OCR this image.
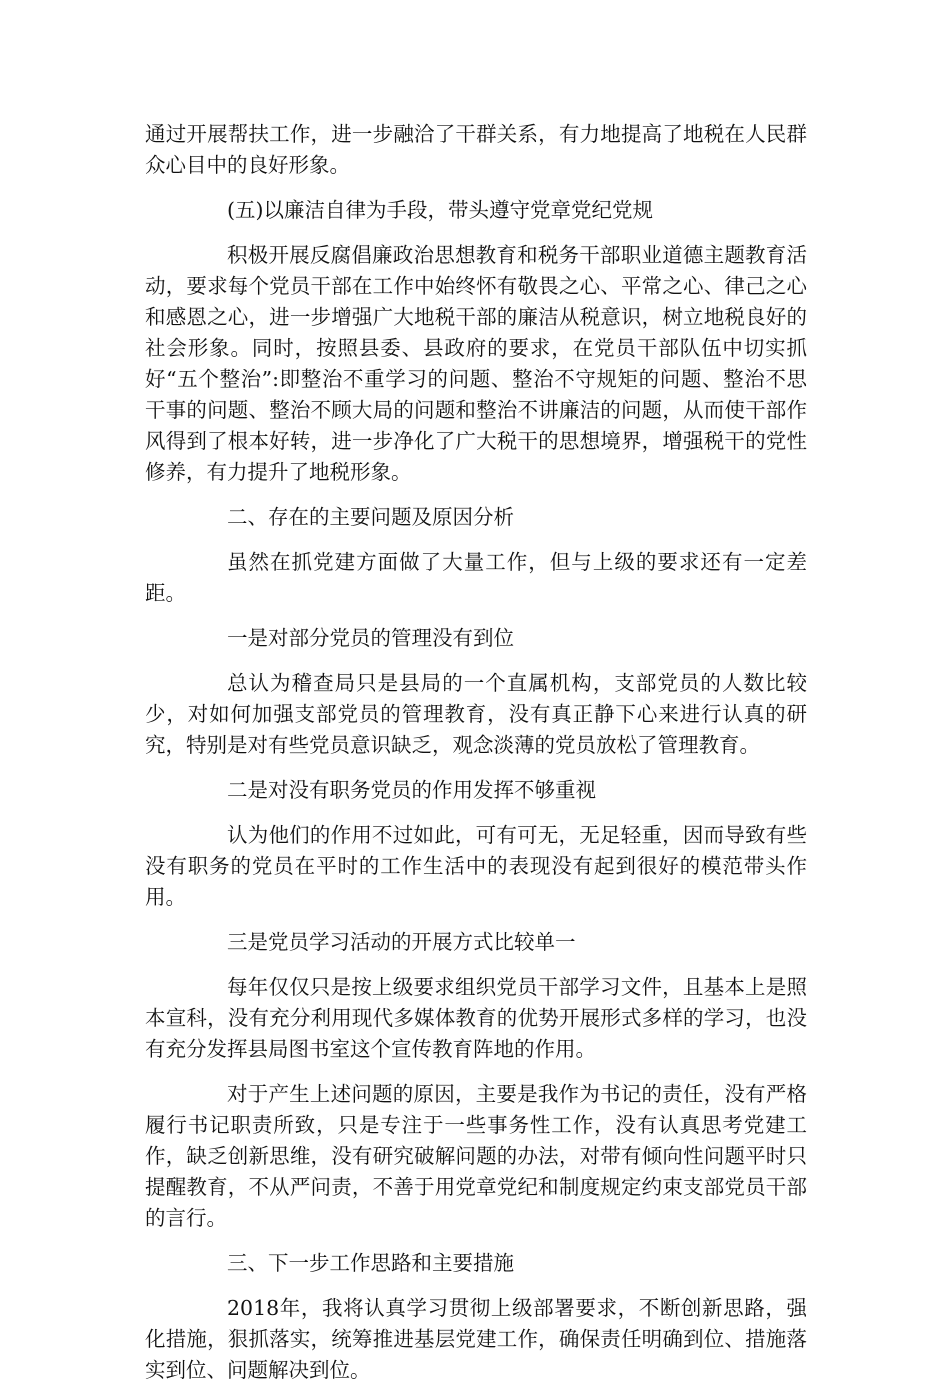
通过开展帮扶工作，进一步融洽了干群关系，有力地提高了地税在人民群众心目中的良好形象。

(五)以廉洁自律为手段，带头遵守党章党纪党规

积极开展反腐倡廉政治思想教育和税务干部职业道德主题教育活动，要求每个党员干部在工作中始终怀有敬畏之心、平常之心、律己之心和感恩之心，进一步增强广大地税干部的廉洁从税意识，树立地税良好的社会形象。同时，按照县委、县政府的要求，在党员干部队伍中切实抓好“五个整治”:即整治不重学习的问题、整治不守规矩的问题、整治不思干事的问题、整治不顾大局的问题和整治不讲廉洁的问题，从而使干部作风得到了根本好转，进一步净化了广大税干的思想境界，增强税干的党性修养，有力提升了地税形象。

二、存在的主要问题及原因分析

虽然在抓党建方面做了大量工作，但与上级的要求还有一定差距。

一是对部分党员的管理没有到位

总认为稽查局只是县局的一个直属机构，支部党员的人数比较少，对如何加强支部党员的管理教育，没有真正静下心来进行认真的研究，特别是对有些党员意识缺乏，观念淡薄的党员放松了管理教育。

二是对没有职务党员的作用发挥不够重视

认为他们的作用不过如此，可有可无，无足轻重，因而导致有些没有职务的党员在平时的工作生活中的表现没有起到很好的模范带头作用。

三是党员学习活动的开展方式比较单一

每年仅仅只是按上级要求组织党员干部学习文件，且基本上是照本宣科，没有充分利用现代多媒体教育的优势开展形式多样的学习，也没有充分发挥县局图书室这个宣传教育阵地的作用。

对于产生上述问题的原因，主要是我作为书记的责任，没有严格履行书记职责所致，只是专注于一些事务性工作，没有认真思考党建工作，缺乏创新思维，没有研究破解问题的办法，对带有倾向性问题平时只提醒教育，不从严问责，不善于用党章党纪和制度规定约束支部党员干部的言行。

三、下一步工作思路和主要措施

2018年，我将认真学习贯彻上级部署要求，不断创新思路，强化措施，狠抓落实，统筹推进基层党建工作，确保责任明确到位、措施落实到位、问题解决到位。
